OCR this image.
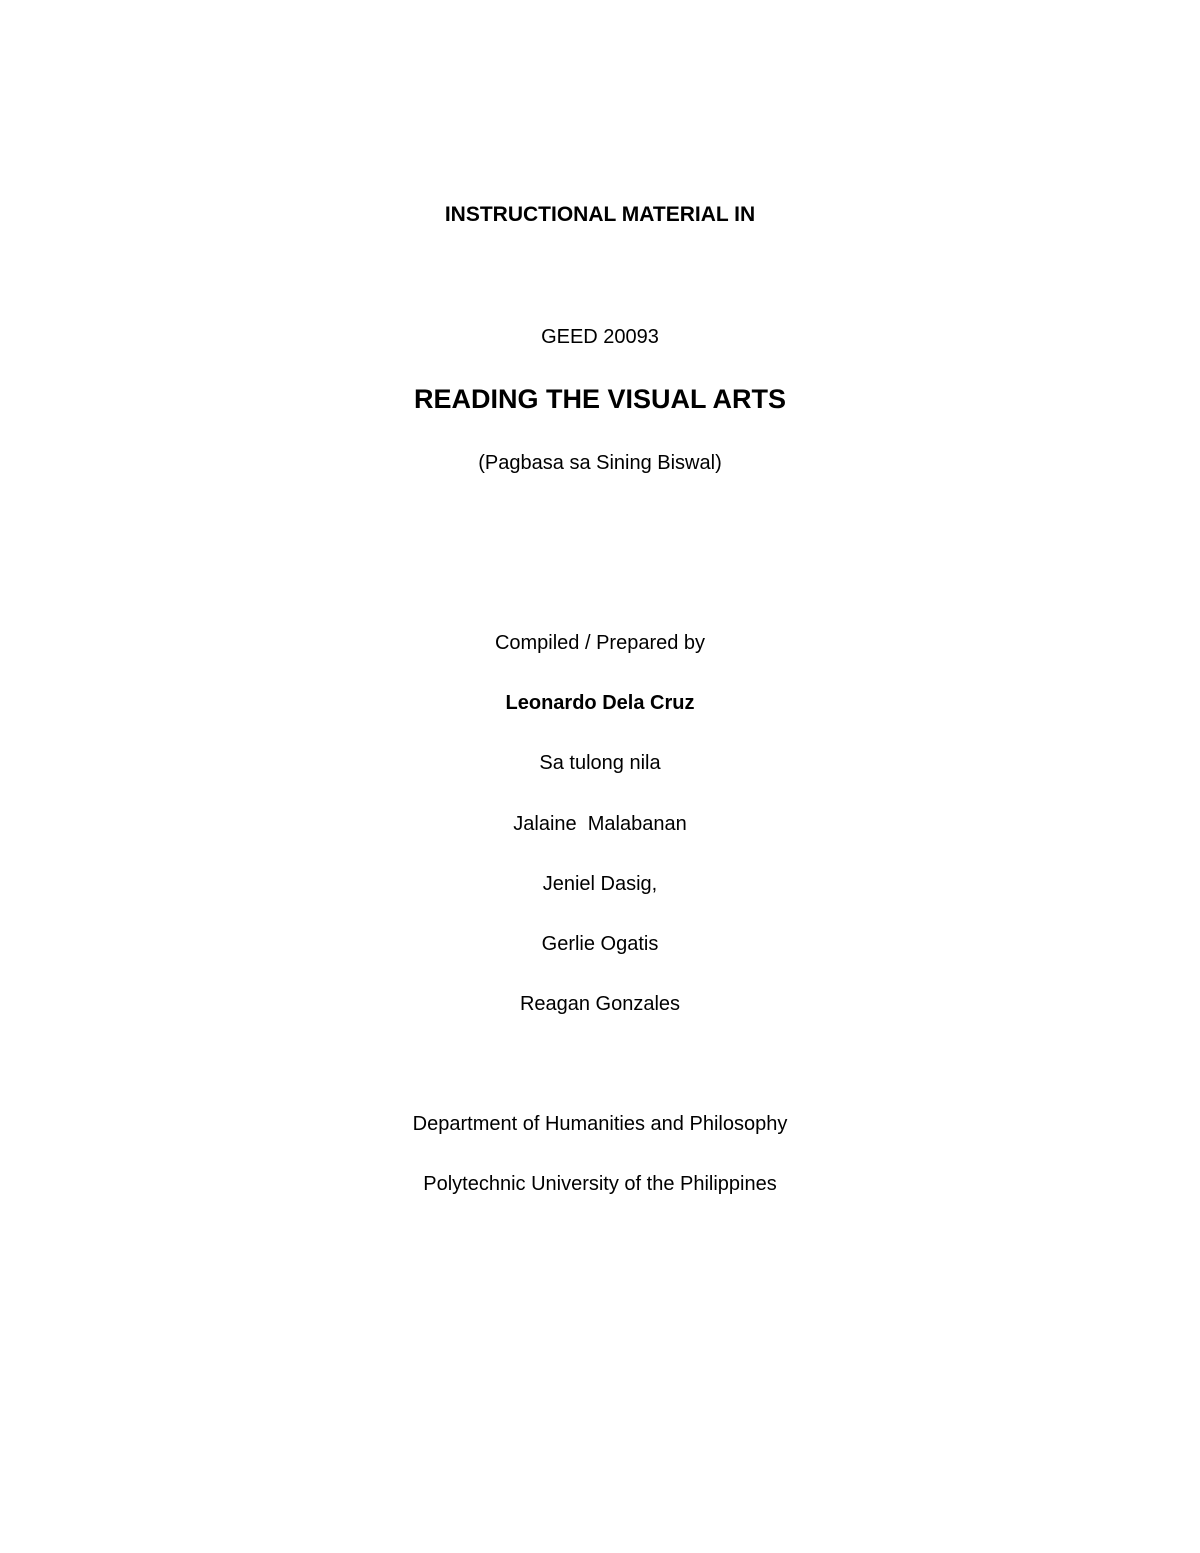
INSTRUCTIONAL MATERIAL IN
GEED 20093
READING THE VISUAL ARTS
(Pagbasa sa Sining Biswal)
Compiled / Prepared by
Leonardo Dela Cruz
Sa tulong nila
Jalaine  Malabanan
Jeniel Dasig,
Gerlie Ogatis
Reagan Gonzales
Department of Humanities and Philosophy
Polytechnic University of the Philippines
